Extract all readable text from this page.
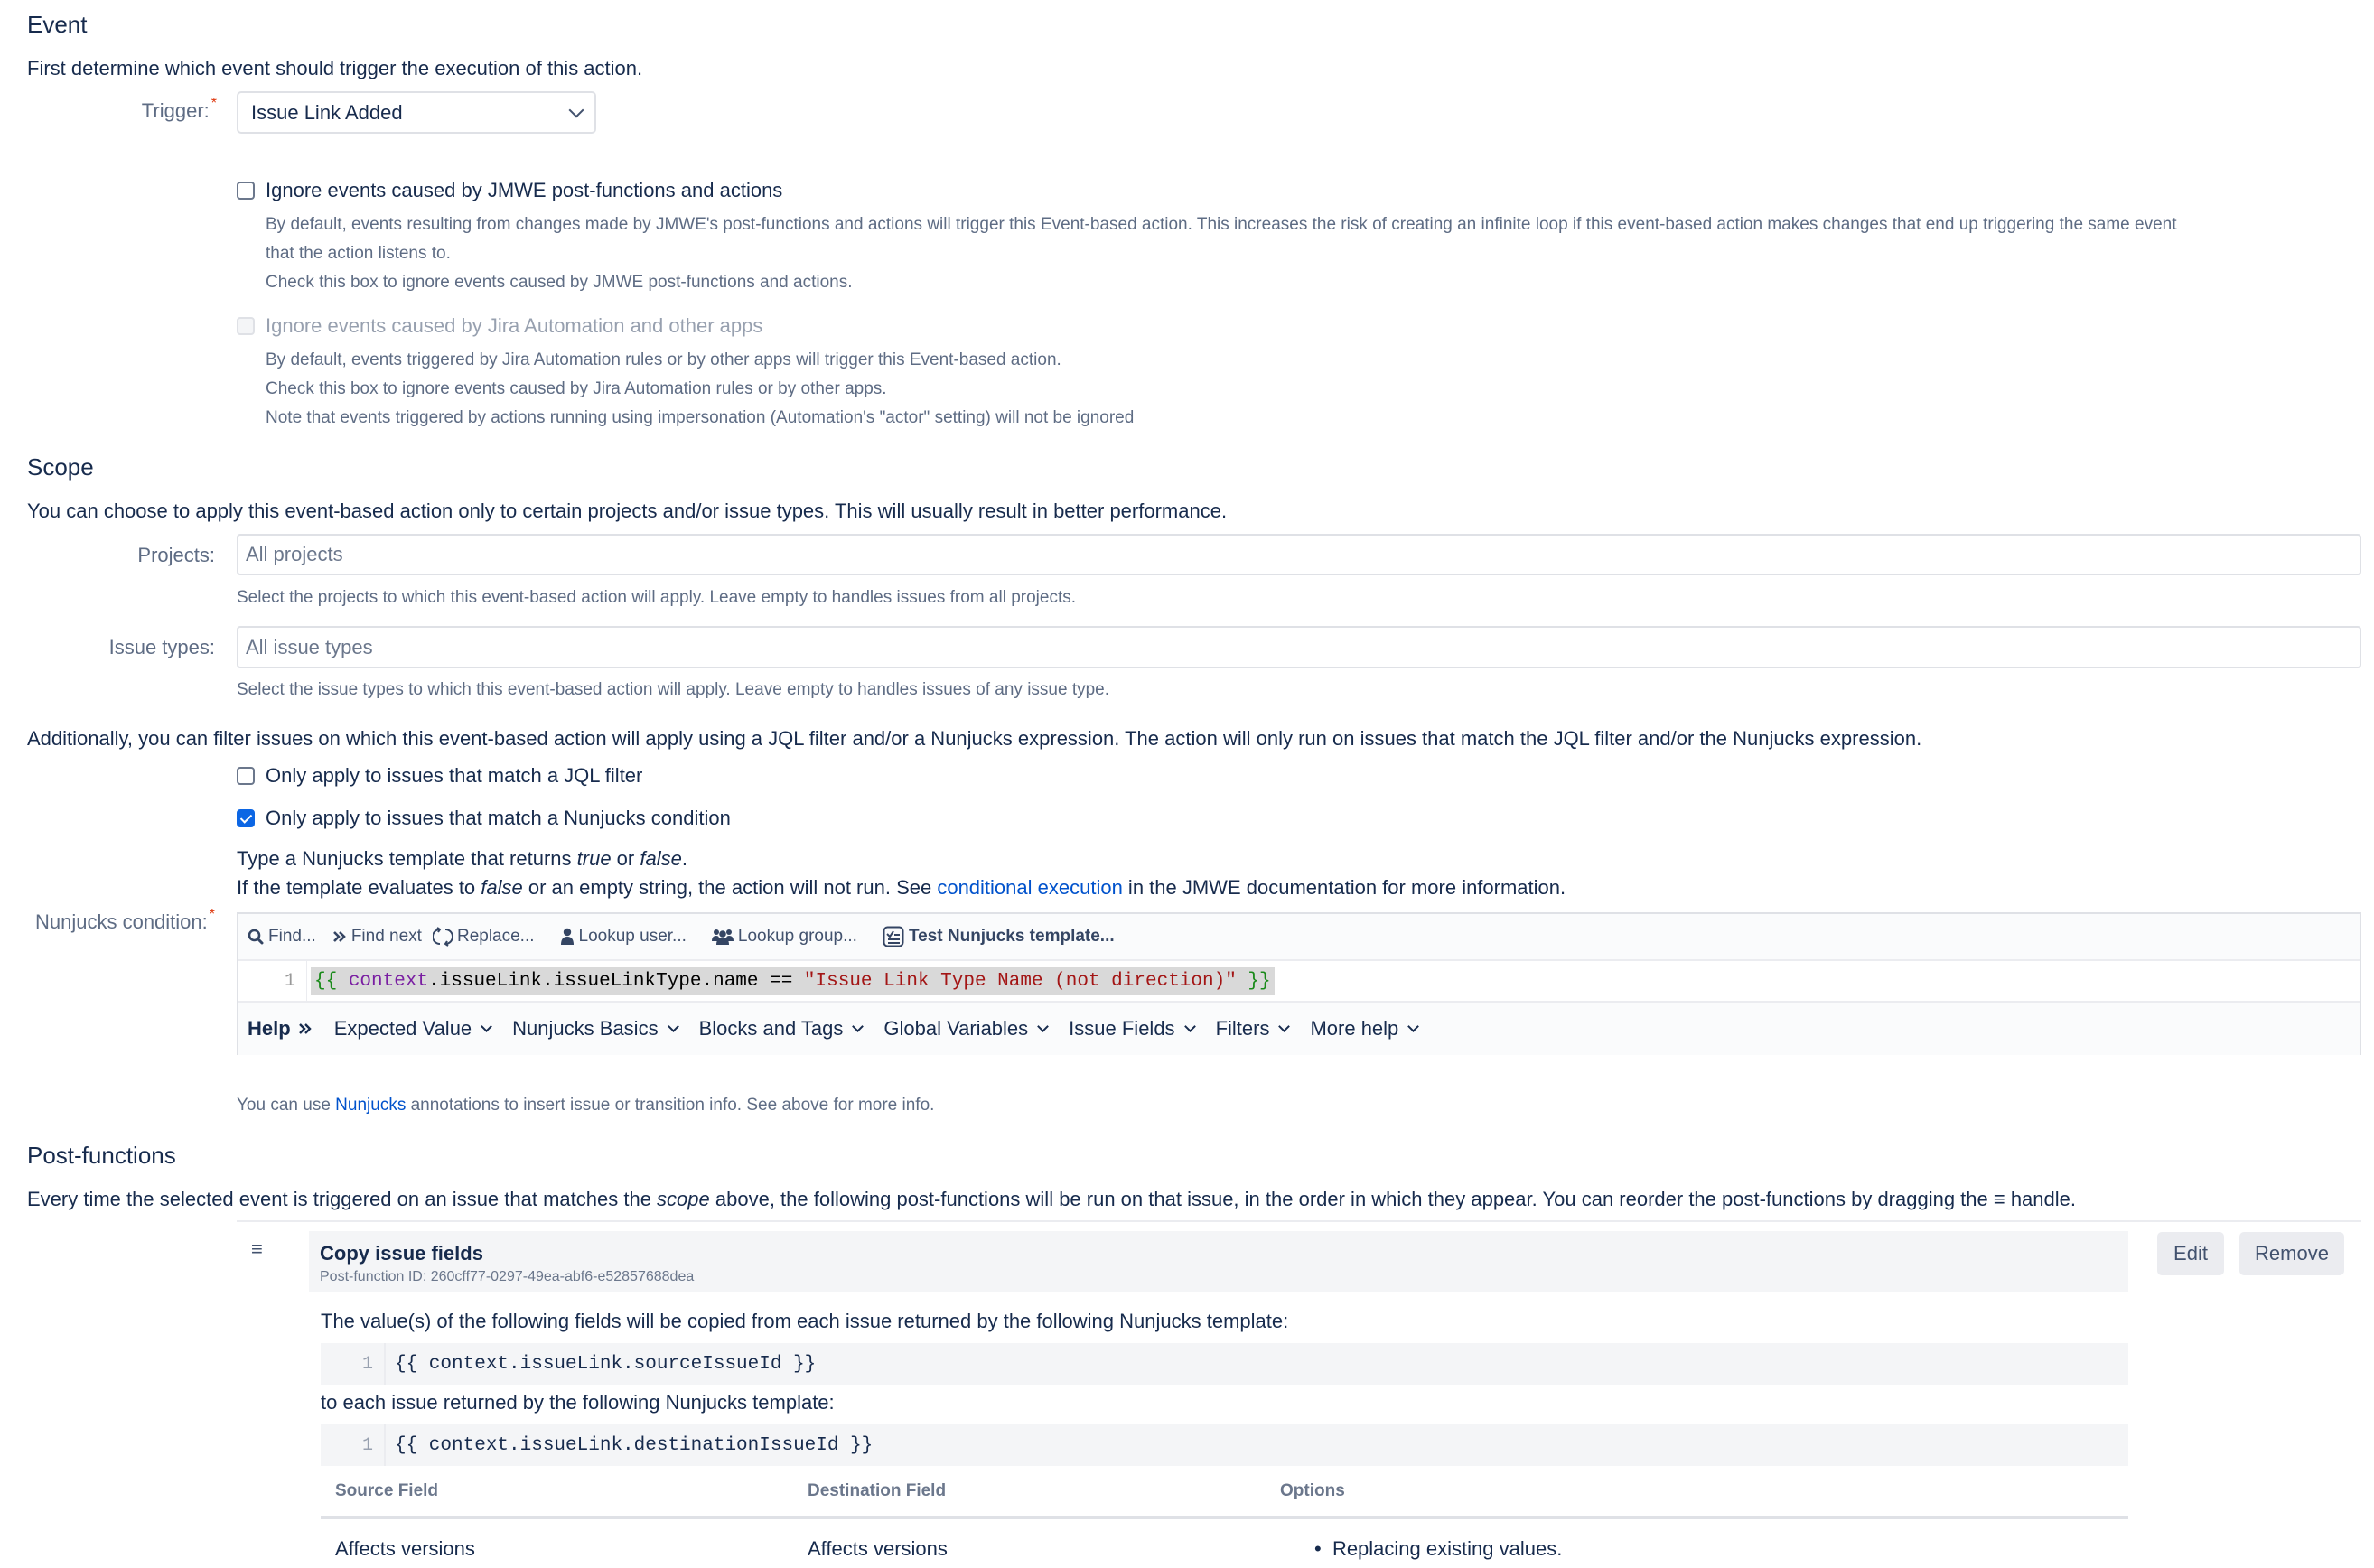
Event
First determine which event should trigger the execution of this action.
Trigger: * Issue Link Added
Ignore events caused by JMWE post-functions and actions
By default, events resulting from changes made by JMWE's post-functions and actions will trigger this Event-based action. This increases the risk of creating an infinite loop if this event-based action makes changes that end up triggering the same event
that the action listens to.
Check this box to ignore events caused by JMWE post-functions and actions.
Ignore events caused by Jira Automation and other apps
By default, events triggered by Jira Automation rules or by other apps will trigger this Event-based action.
Check this box to ignore events caused by Jira Automation rules or by other apps.
Note that events triggered by actions running using impersonation (Automation's "actor" setting) will not be ignored
Scope
You can choose to apply this event-based action only to certain projects and/or issue types. This will usually result in better performance.
Projects: All projects
Select the projects to which this event-based action will apply. Leave empty to handles issues from all projects.
Issue types: All issue types
Select the issue types to which this event-based action will apply. Leave empty to handles issues of any issue type.
Additionally, you can filter issues on which this event-based action will apply using a JQL filter and/or a Nunjucks expression. The action will only run on issues that match the JQL filter and/or the Nunjucks expression.
Only apply to issues that match a JQL filter
Only apply to issues that match a Nunjucks condition
Type a Nunjucks template that returns true or false.
If the template evaluates to false or an empty string, the action will not run. See conditional execution in the JMWE documentation for more information.
Nunjucks condition: *
Find... Find next Replace...	Lookup user...	Lookup group...	Test Nunjucks template...
1	{{ context.issueLink.issueLinkType.name == "Issue Link Type Name (not direction)" }}
Help Expected Value Nunjucks Basics Blocks and Tags Global Variables Issue Fields Filters More help
You can use Nunjucks annotations to insert issue or transition info. See above for more info.
Post-functions
Every time the selected event is triggered on an issue that matches the scope above, the following post-functions will be run on that issue, in the order in which they appear. You can reorder the post-functions by dragging the ≡ handle.
≡	Copy issue fields
Post-function ID: 260cff77-0297-49ea-abf6-e52857688dea
Edit	Remove
The value(s) of the following fields will be copied from each issue returned by the following Nunjucks template:
1	{{ context.issueLink.sourceIssueId }}
to each issue returned by the following Nunjucks template:
1	{{ context.issueLink.destinationIssueId }}
Source Field	Destination Field	Options
Affects versions	Affects versions	•  Replacing existing values.
